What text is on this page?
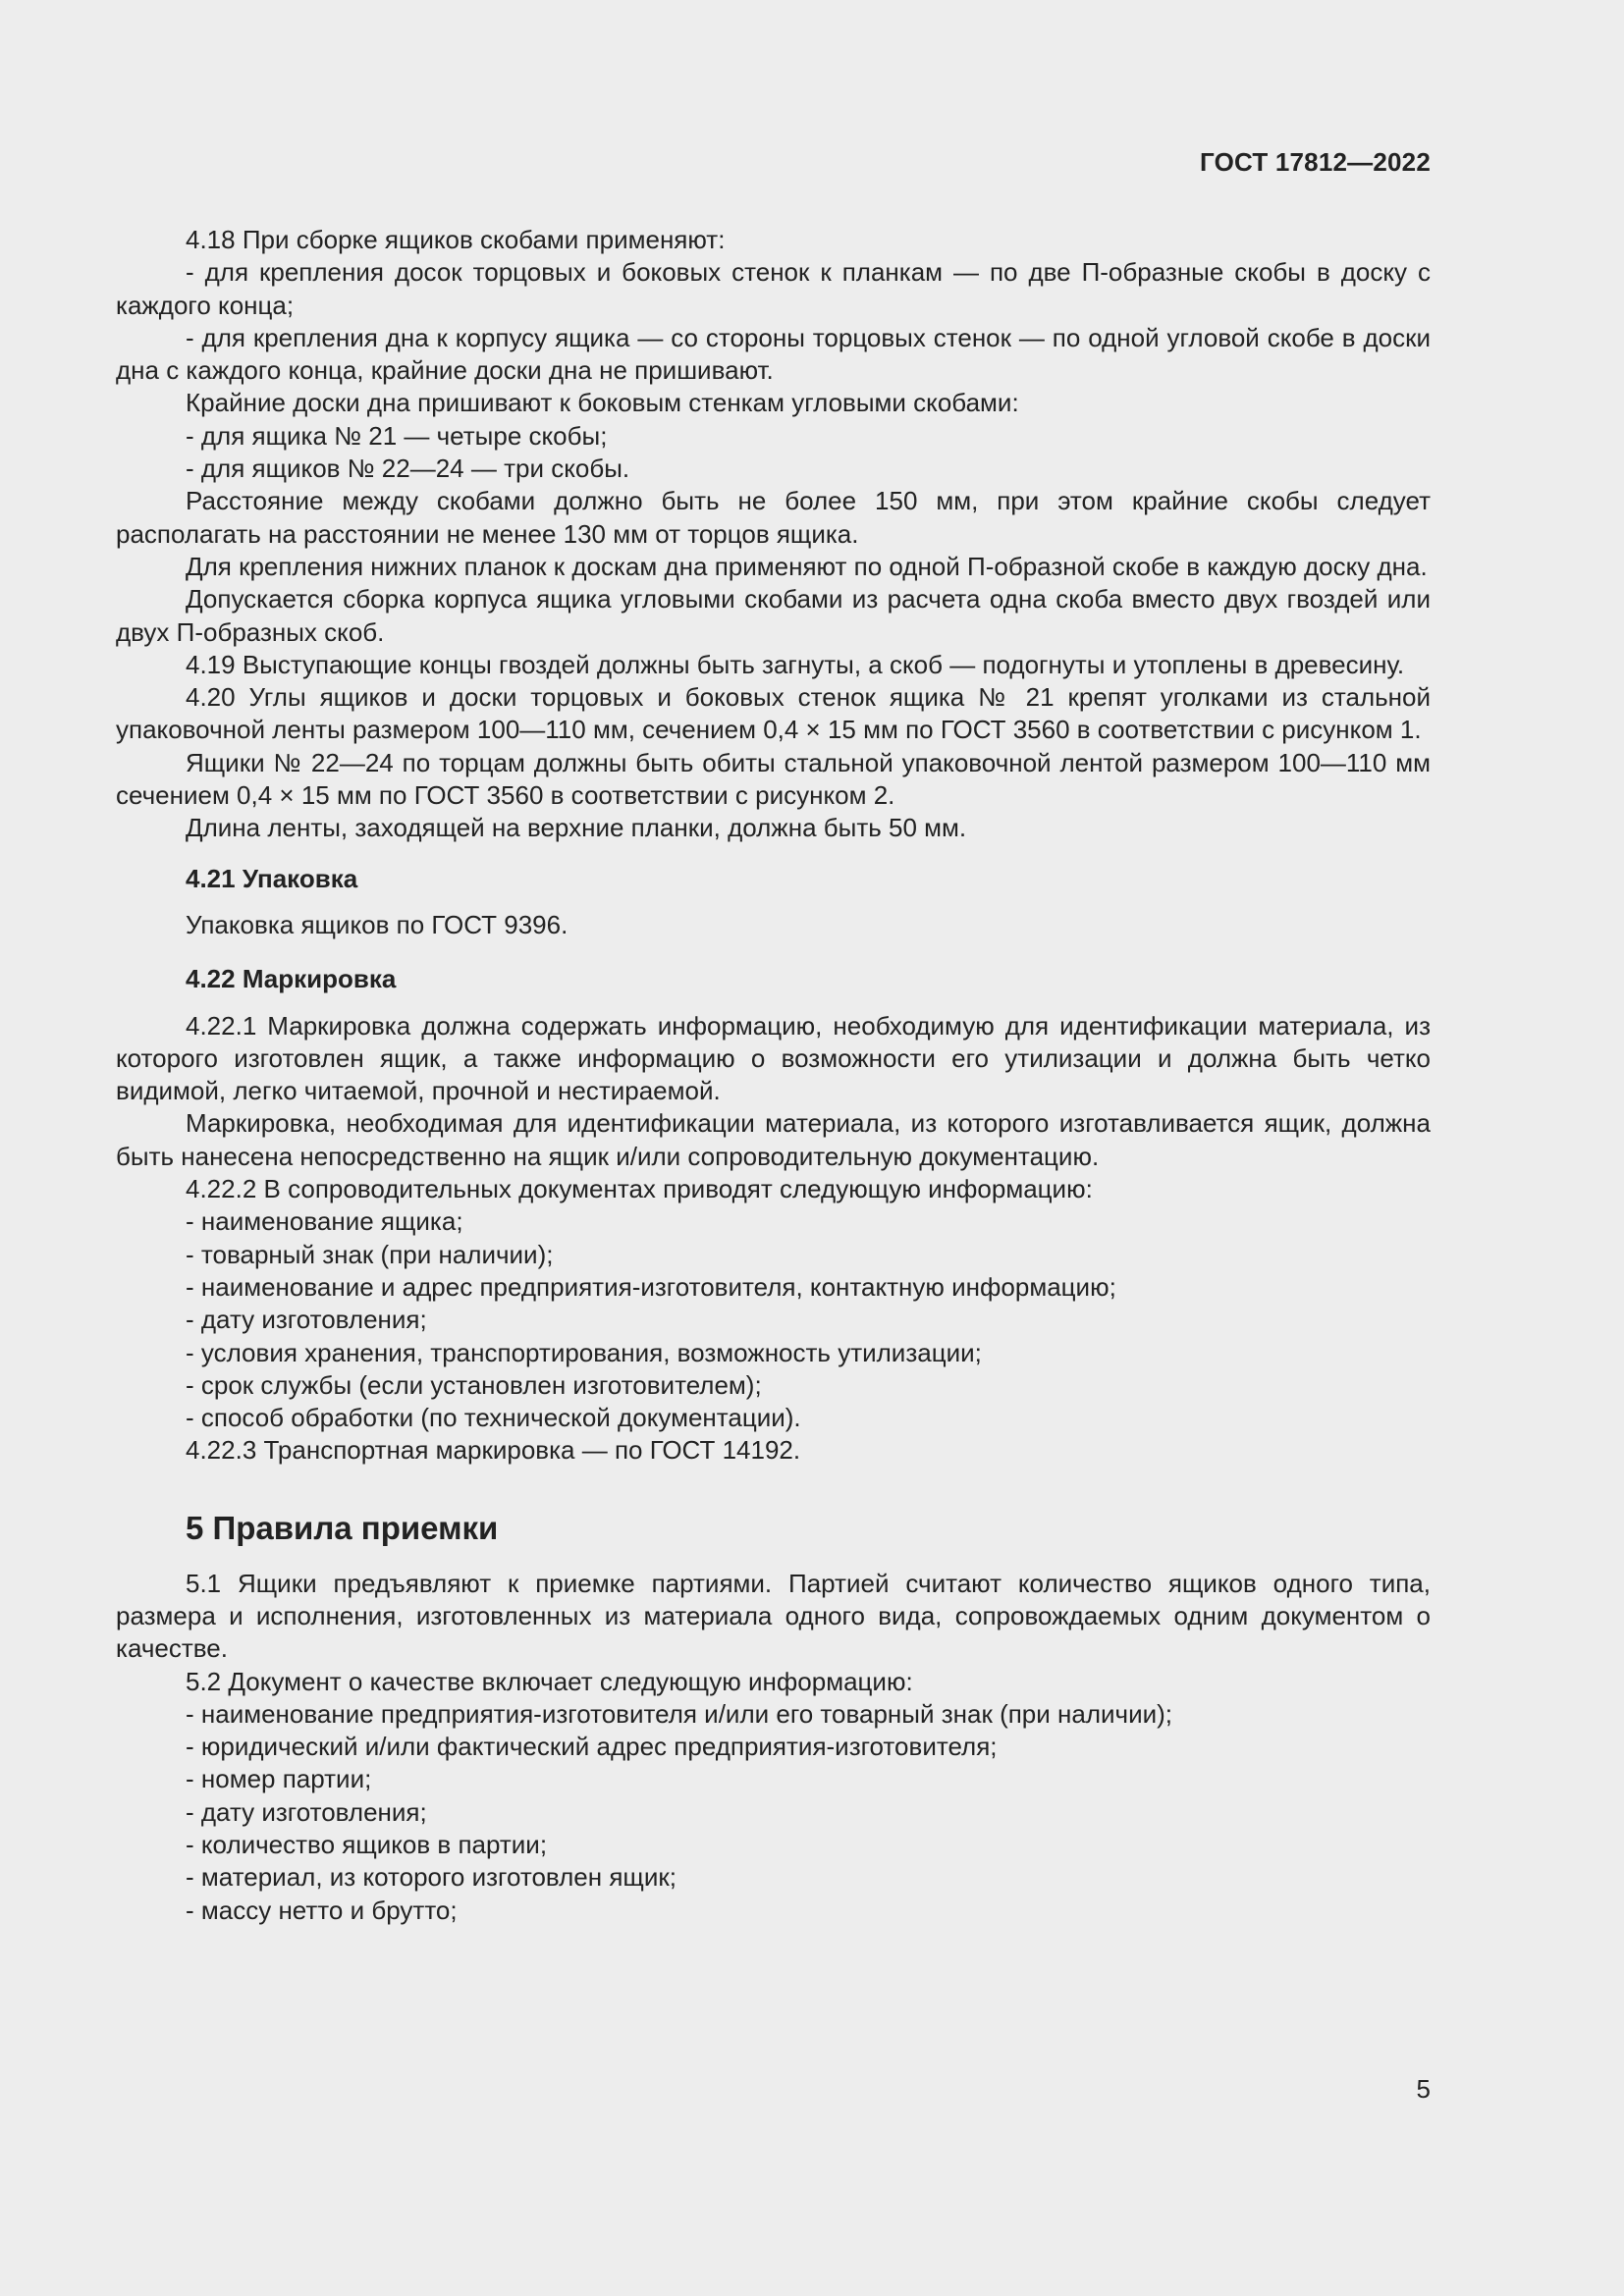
ГОСТ 17812—2022

4.18 При сборке ящиков скобами применяют:

- для крепления досок торцовых и боковых стенок к планкам — по две П-образные скобы в доску с каждого конца;

- для крепления дна к корпусу ящика — со стороны торцовых стенок — по одной угловой скобе в доски дна с каждого конца, крайние доски дна не пришивают.

Крайние доски дна пришивают к боковым стенкам угловыми скобами:

- для ящика № 21 — четыре скобы;

- для ящиков № 22—24 — три скобы.

Расстояние между скобами должно быть не более 150 мм, при этом крайние скобы следует располагать на расстоянии не менее 130 мм от торцов ящика.

Для крепления нижних планок к доскам дна применяют по одной П-образной скобе в каждую доску дна.

Допускается сборка корпуса ящика угловыми скобами из расчета одна скоба вместо двух гвоздей или двух П-образных скоб.

4.19 Выступающие концы гвоздей должны быть загнуты, а скоб — подогнуты и утоплены в древесину.

4.20 Углы ящиков и доски торцовых и боковых стенок ящика № 21 крепят уголками из стальной упаковочной ленты размером 100—110 мм, сечением 0,4 × 15 мм по ГОСТ 3560 в соответствии с рисунком 1.

Ящики № 22—24 по торцам должны быть обиты стальной упаковочной лентой размером 100—110 мм сечением 0,4 × 15 мм по ГОСТ 3560 в соответствии с рисунком 2.

Длина ленты, заходящей на верхние планки, должна быть 50 мм.

4.21 Упаковка

Упаковка ящиков по ГОСТ 9396.

4.22 Маркировка

4.22.1 Маркировка должна содержать информацию, необходимую для идентификации материала, из которого изготовлен ящик, а также информацию о возможности его утилизации и должна быть четко видимой, легко читаемой, прочной и нестираемой.

Маркировка, необходимая для идентификации материала, из которого изготавливается ящик, должна быть нанесена непосредственно на ящик и/или сопроводительную документацию.

4.22.2 В сопроводительных документах приводят следующую информацию:

- наименование ящика;

- товарный знак (при наличии);

- наименование и адрес предприятия-изготовителя, контактную информацию;

- дату изготовления;

- условия хранения, транспортирования, возможность утилизации;

- срок службы (если установлен изготовителем);

- способ обработки (по технической документации).

4.22.3 Транспортная маркировка — по ГОСТ 14192.

5 Правила приемки

5.1 Ящики предъявляют к приемке партиями. Партией считают количество ящиков одного типа, размера и исполнения, изготовленных из материала одного вида, сопровождаемых одним документом о качестве.

5.2 Документ о качестве включает следующую информацию:

- наименование предприятия-изготовителя и/или его товарный знак (при наличии);

- юридический и/или фактический адрес предприятия-изготовителя;

- номер партии;

- дату изготовления;

- количество ящиков в партии;

- материал, из которого изготовлен ящик;

- массу нетто и брутто;

5
